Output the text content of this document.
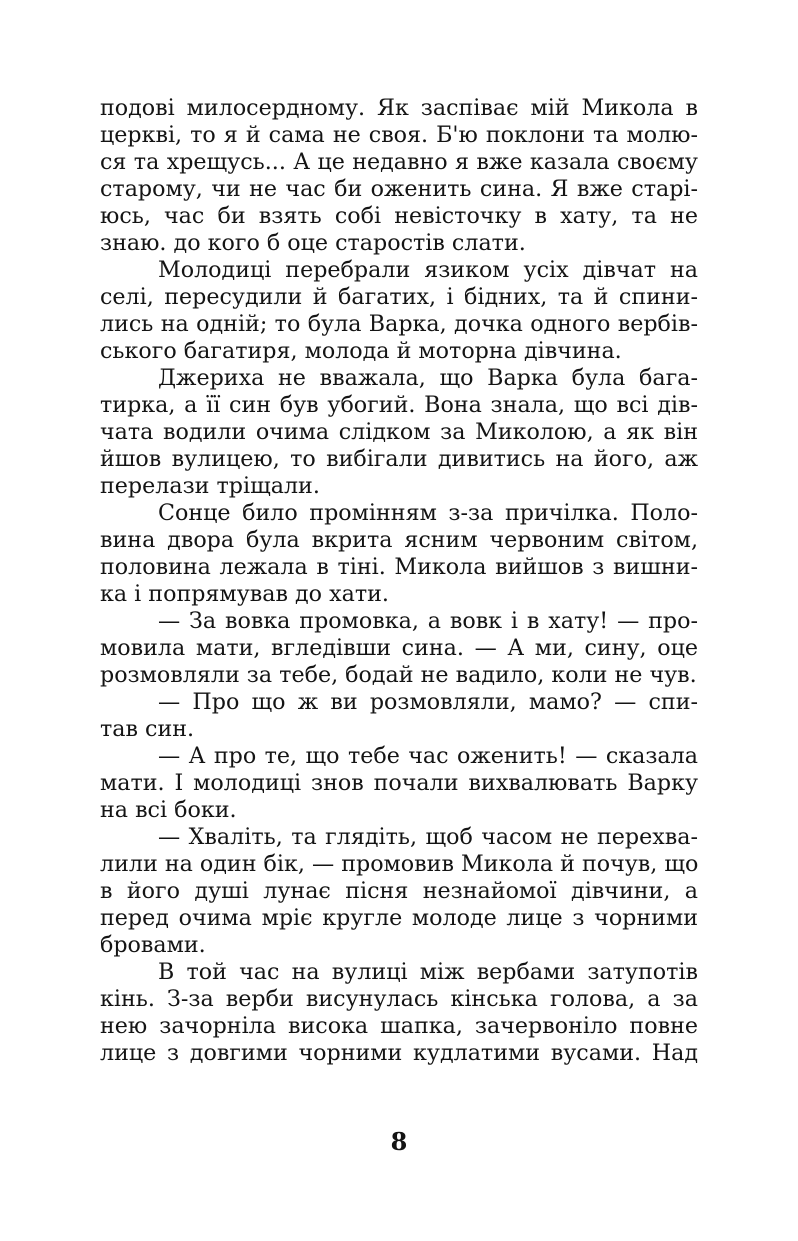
подові милосердному. Як заспіває мій Микола в
церкві, то я й сама не своя. Б'ю поклони та молю-
ся та хрещусь... А це недавно я вже казала своєму
старому, чи не час би оженить сина. Я вже старі-
юсь, час би взять собі невісточку в хату, та не
знаю. до кого б оце старостів слати.
Молодиці перебрали язиком усіх дівчат на
селі, пересудили й багатих, і бідних, та й спини-
лись на одній; то була Варка, дочка одного вербів-
ського багатиря, молода й моторна дівчина.
Джериха не вважала, що Варка була бага-
тирка, а її син був убогий. Вона знала, що всі дів-
чата водили очима слідком за Миколою, а як він
йшов вулицею, то вибігали дивитись на його, аж
перелази тріщали.
Сонце било промінням з-за причілка. Поло-
вина двора була вкрита ясним червоним світом,
половина лежала в тіні. Микола вийшов з вишни-
ка і попрямував до хати.
— За вовка промовка, а вовк і в хату! — про-
мовила мати, вгледівши сина. — А ми, сину, оце
розмовляли за тебе, бодай не вадило, коли не чув.
— Про що ж ви розмовляли, мамо? — спи-
тав син.
— А про те, що тебе час оженить! — сказала
мати. І молодиці знов почали вихвалювать Варку
на всі боки.
— Хваліть, та глядіть, щоб часом не перехва-
лили на один бік, — промовив Микола й почув, що
в його душі лунає пісня незнайомої дівчини, а
перед очима мріє кругле молоде лице з чорними
бровами.
В той час на вулиці між вербами затупотів
кінь. З-за верби висунулась кінська голова, а за
нею зачорніла висока шапка, зачервоніло повне
лице з довгими чорними кудлатими вусами. Над
8
